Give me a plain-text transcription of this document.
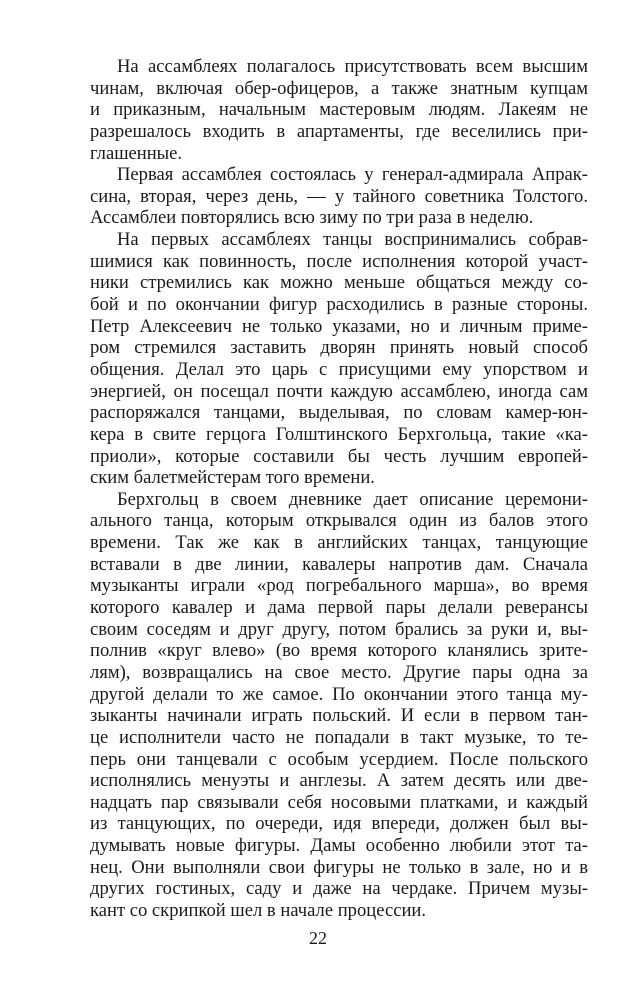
На ассамблеях полагалось присутствовать всем высшим
чинам, включая обер-офицеров, а также знатным купцам
и приказным, начальным мастеровым людям. Лакеям не
разрешалось входить в апартаменты, где веселились при-
глашенные.
Первая ассамблея состоялась у генерал-адмирала Апрак-
сина, вторая, через день, — у тайного советника Толстого.
Ассамблеи повторялись всю зиму по три раза в неделю.
На первых ассамблеях танцы воспринимались собрав-
шимися как повинность, после исполнения которой участ-
ники стремились как можно меньше общаться между со-
бой и по окончании фигур расходились в разные стороны.
Петр Алексеевич не только указами, но и личным приме-
ром стремился заставить дворян принять новый способ
общения. Делал это царь с присущими ему упорством и
энергией, он посещал почти каждую ассамблею, иногда сам
распоряжался танцами, выделывая, по словам камер-юн-
кера в свите герцога Голштинского Берхгольца, такие «ка-
приоли», которые составили бы честь лучшим европей-
ским балетмейстерам того времени.
Берхгольц в своем дневнике дает описание церемони-
ального танца, которым открывался один из балов этого
времени. Так же как в английских танцах, танцующие
вставали в две линии, кавалеры напротив дам. Сначала
музыканты играли «род погребального марша», во время
которого кавалер и дама первой пары делали реверансы
своим соседям и друг другу, потом брались за руки и, вы-
полнив «круг влево» (во время которого кланялись зрите-
лям), возвращались на свое место. Другие пары одна за
другой делали то же самое. По окончании этого танца му-
зыканты начинали играть польский. И если в первом тан-
це исполнители часто не попадали в такт музыке, то те-
перь они танцевали с особым усердием. После польского
исполнялись менуэты и англезы. А затем десять или две-
надцать пар связывали себя носовыми платками, и каждый
из танцующих, по очереди, идя впереди, должен был вы-
думывать новые фигуры. Дамы особенно любили этот та-
нец. Они выполняли свои фигуры не только в зале, но и в
других гостиных, саду и даже на чердаке. Причем музы-
кант со скрипкой шел в начале процессии.
22
